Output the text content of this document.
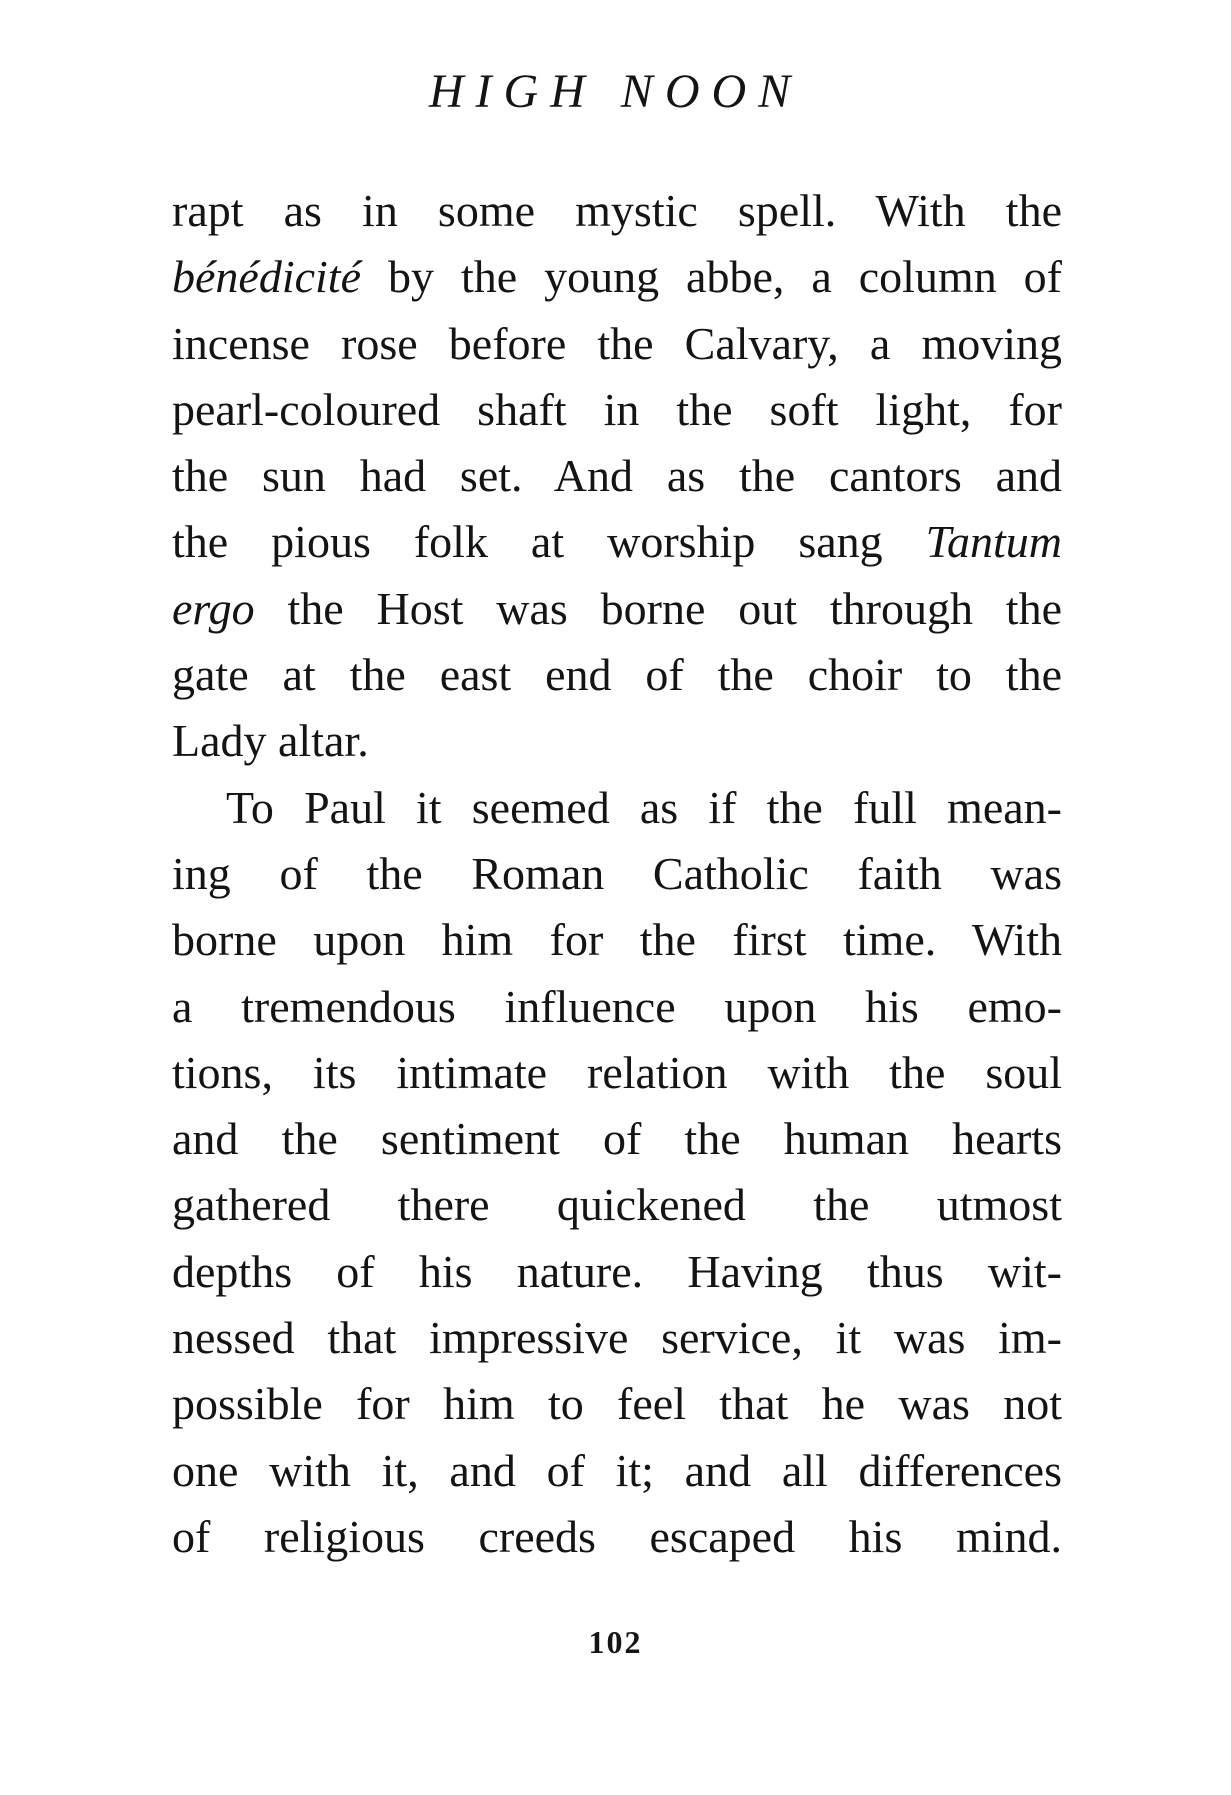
HIGH NOON
rapt as in some mystic spell. With the
bénédicité by the young abbe, a column of
incense rose before the Calvary, a moving
pearl-coloured shaft in the soft light, for
the sun had set. And as the cantors and
the pious folk at worship sang Tantum
ergo the Host was borne out through the
gate at the east end of the choir to the
Lady altar.
To Paul it seemed as if the full mean-
ing of the Roman Catholic faith was
borne upon him for the first time. With
a tremendous influence upon his emo-
tions, its intimate relation with the soul
and the sentiment of the human hearts
gathered there quickened the utmost
depths of his nature. Having thus wit-
nessed that impressive service, it was im-
possible for him to feel that he was not
one with it, and of it; and all differences
of religious creeds escaped his mind.
102
